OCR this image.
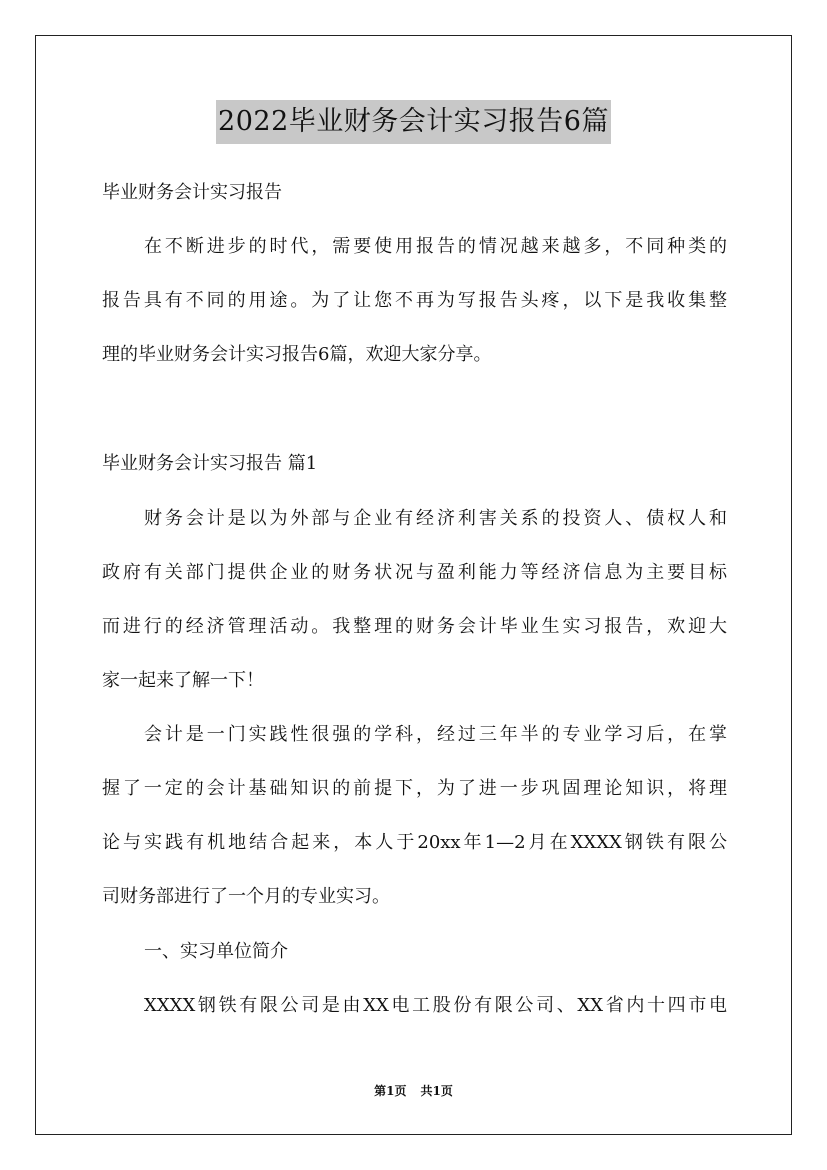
2022毕业财务会计实习报告6篇
毕业财务会计实习报告
在不断进步的时代，需要使用报告的情况越来越多，不同种类的
报告具有不同的用途。为了让您不再为写报告头疼，以下是我收集整
理的毕业财务会计实习报告6篇，欢迎大家分享。
毕业财务会计实习报告 篇1
财务会计是以为外部与企业有经济利害关系的投资人、债权人和
政府有关部门提供企业的财务状况与盈利能力等经济信息为主要目标
而进行的经济管理活动。我整理的财务会计毕业生实习报告，欢迎大
家一起来了解一下！
会计是一门实践性很强的学科，经过三年半的专业学习后，在掌
握了一定的会计基础知识的前提下，为了进一步巩固理论知识，将理
论与实践有机地结合起来，本人于20xx年1—2月在XXXX钢铁有限公
司财务部进行了一个月的专业实习。
一、实习单位简介
XXXX钢铁有限公司是由XX电工股份有限公司、XX省内十四市电
第1页 共1页
